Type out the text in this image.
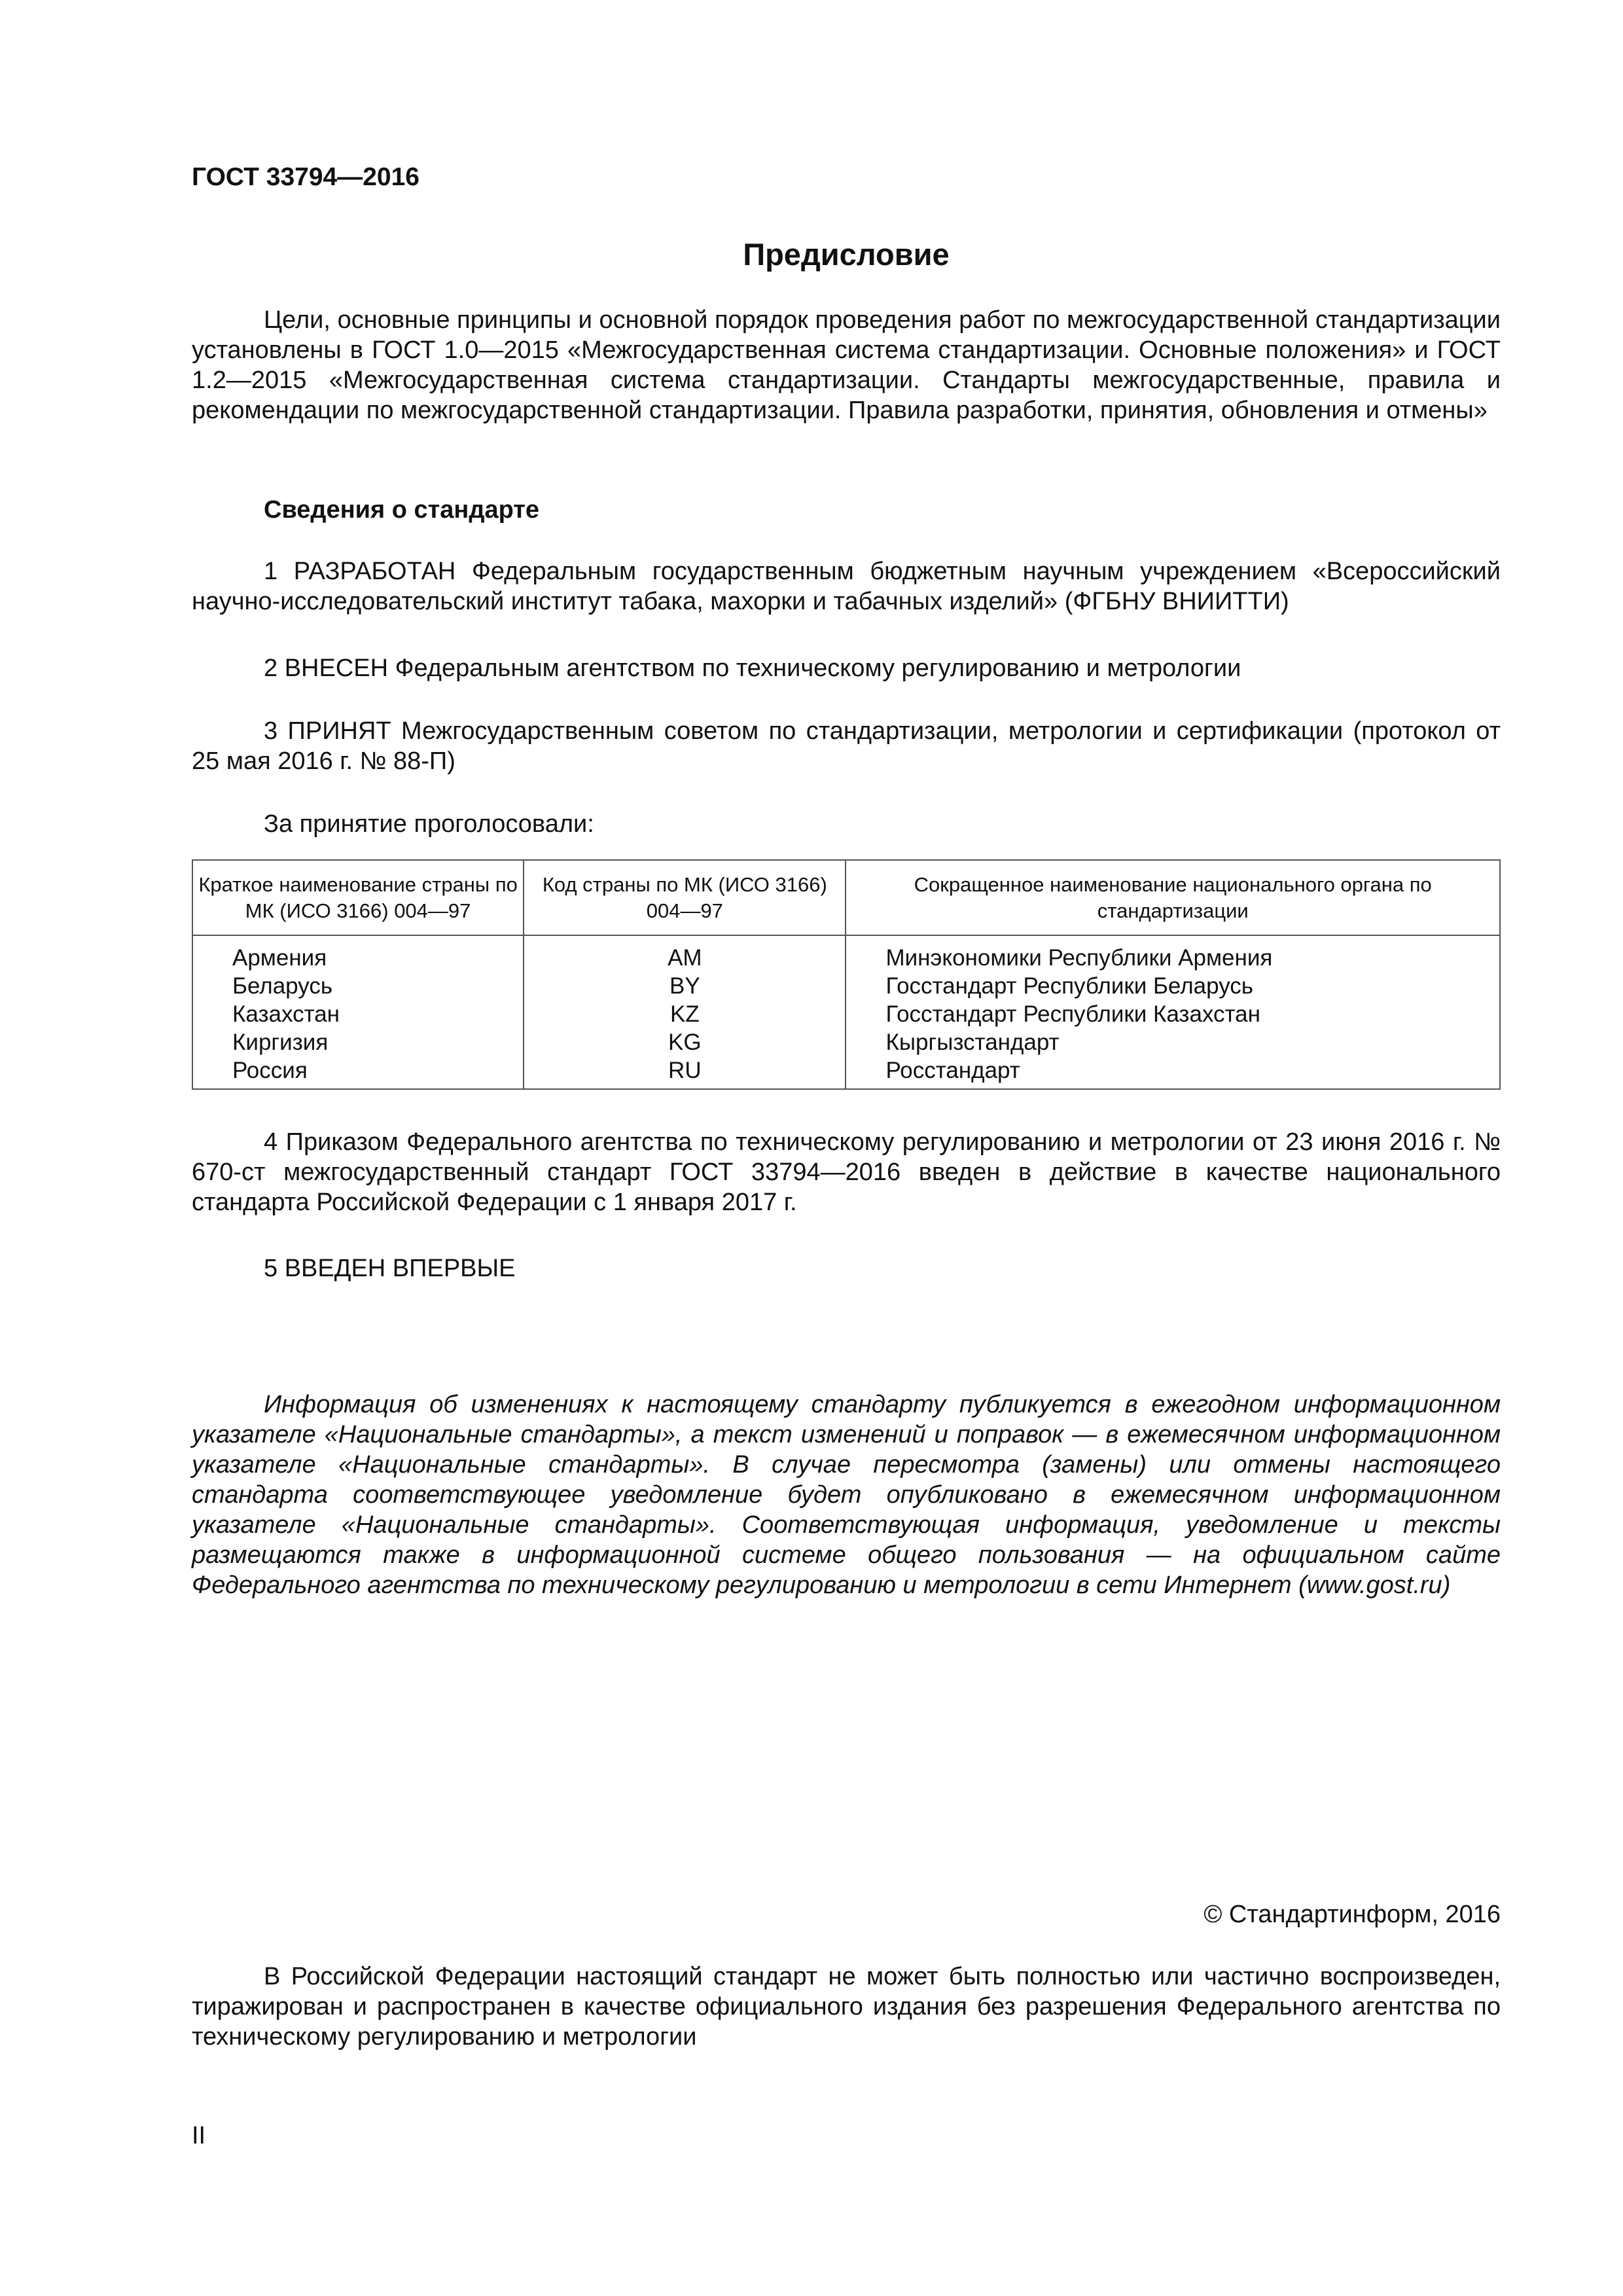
ГОСТ 33794—2016
Предисловие
Цели, основные принципы и основной порядок проведения работ по межгосударственной стандартизации установлены в ГОСТ 1.0—2015 «Межгосударственная система стандартизации. Основные положения» и ГОСТ 1.2—2015 «Межгосударственная система стандартизации. Стандарты межгосударственные, правила и рекомендации по межгосударственной стандартизации. Правила разработки, принятия, обновления и отмены»
Сведения о стандарте
1 РАЗРАБОТАН Федеральным государственным бюджетным научным учреждением «Всероссийский научно-исследовательский институт табака, махорки и табачных изделий» (ФГБНУ ВНИИТТИ)
2 ВНЕСЕН Федеральным агентством по техническому регулированию и метрологии
3 ПРИНЯТ Межгосударственным советом по стандартизации, метрологии и сертификации (протокол от 25 мая 2016 г. № 88-П)
За принятие проголосовали:
Краткое наименование страны по МК (ИСО 3166) 004—97	Код страны по МК (ИСО 3166) 004—97	Сокращенное наименование национального органа по стандартизации
Армения	AM	Минэкономики Республики Армения
Беларусь	BY	Госстандарт Республики Беларусь
Казахстан	KZ	Госстандарт Республики Казахстан
Киргизия	KG	Кыргызстандарт
Россия	RU	Росстандарт
4 Приказом Федерального агентства по техническому регулированию и метрологии от 23 июня 2016 г. № 670-ст межгосударственный стандарт ГОСТ 33794—2016 введен в действие в качестве национального стандарта Российской Федерации с 1 января 2017 г.
5 ВВЕДЕН ВПЕРВЫЕ
Информация об изменениях к настоящему стандарту публикуется в ежегодном информационном указателе «Национальные стандарты», а текст изменений и поправок — в ежемесячном информационном указателе «Национальные стандарты». В случае пересмотра (замены) или отмены настоящего стандарта соответствующее уведомление будет опубликовано в ежемесячном информационном указателе «Национальные стандарты». Соответствующая информация, уведомление и тексты размещаются также в информационной системе общего пользования — на официальном сайте Федерального агентства по техническому регулированию и метрологии в сети Интернет (www.gost.ru)
© Стандартинформ, 2016
В Российской Федерации настоящий стандарт не может быть полностью или частично воспроизведен, тиражирован и распространен в качестве официального издания без разрешения Федерального агентства по техническому регулированию и метрологии
II
